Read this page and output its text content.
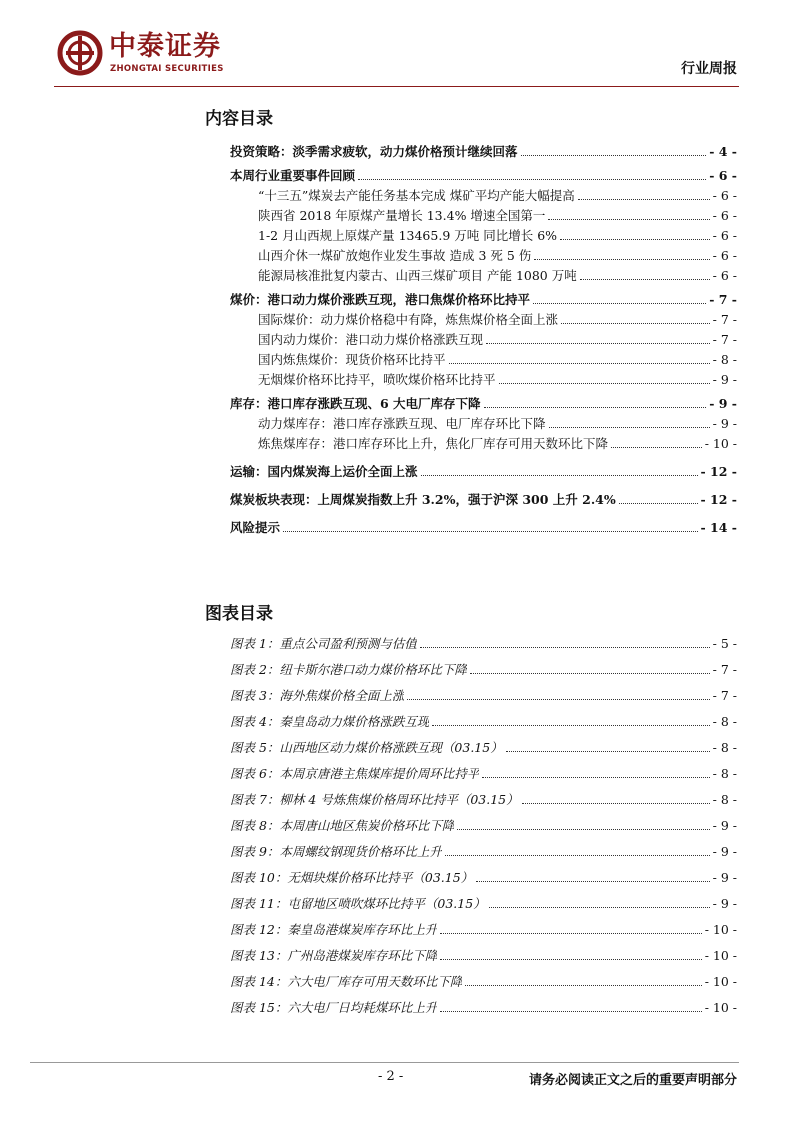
中泰证券
ZHONGTAI SECURITIES	行业周报
内容目录
投资策略：淡季需求疲软，动力煤价格预计继续回落	- 4 -
本周行业重要事件回顾	- 6 -
“十三五”煤炭去产能任务基本完成 煤矿平均产能大幅提高	- 6 -
陕西省 2018 年原煤产量增长 13.4% 增速全国第一	- 6 -
1-2 月山西规上原煤产量 13465.9 万吨 同比增长 6%	- 6 -
山西介休一煤矿放炮作业发生事故 造成 3 死 5 伤	- 6 -
能源局核准批复内蒙古、山西三煤矿项目 产能 1080 万吨	- 6 -
煤价：港口动力煤价涨跌互现，港口焦煤价格环比持平	- 7 -
国际煤价：动力煤价格稳中有降，炼焦煤价格全面上涨	- 7 -
国内动力煤价：港口动力煤价格涨跌互现	- 7 -
国内炼焦煤价：现货价格环比持平	- 8 -
无烟煤价格环比持平，喷吹煤价格环比持平	- 9 -
库存：港口库存涨跌互现、6 大电厂库存下降	- 9 -
动力煤库存：港口库存涨跌互现、电厂库存环比下降	- 9 -
炼焦煤库存：港口库存环比上升，焦化厂库存可用天数环比下降	- 10 -
运输：国内煤炭海上运价全面上涨	- 12 -
煤炭板块表现：上周煤炭指数上升 3.2%，强于沪深 300 上升 2.4%	- 12 -
风险提示	- 14 -
图表目录
图表 1：重点公司盈利预测与估值	- 5 -
图表 2：纽卡斯尔港口动力煤价格环比下降	- 7 -
图表 3：海外焦煤价格全面上涨	- 7 -
图表 4：秦皇岛动力煤价格涨跌互现	- 8 -
图表 5：山西地区动力煤价格涨跌互现（03.15）	- 8 -
图表 6：本周京唐港主焦煤库提价周环比持平	- 8 -
图表 7：柳林 4 号炼焦煤价格周环比持平（03.15）	- 8 -
图表 8：本周唐山地区焦炭价格环比下降	- 9 -
图表 9：本周螺纹钢现货价格环比上升	- 9 -
图表 10：无烟块煤价格环比持平（03.15）	- 9 -
图表 11：屯留地区喷吹煤环比持平（03.15）	- 9 -
图表 12：秦皇岛港煤炭库存环比上升	- 10 -
图表 13：广州岛港煤炭库存环比下降	- 10 -
图表 14：六大电厂库存可用天数环比下降	- 10 -
图表 15：六大电厂日均耗煤环比上升	- 10 -
- 2 -	请务必阅读正文之后的重要声明部分
